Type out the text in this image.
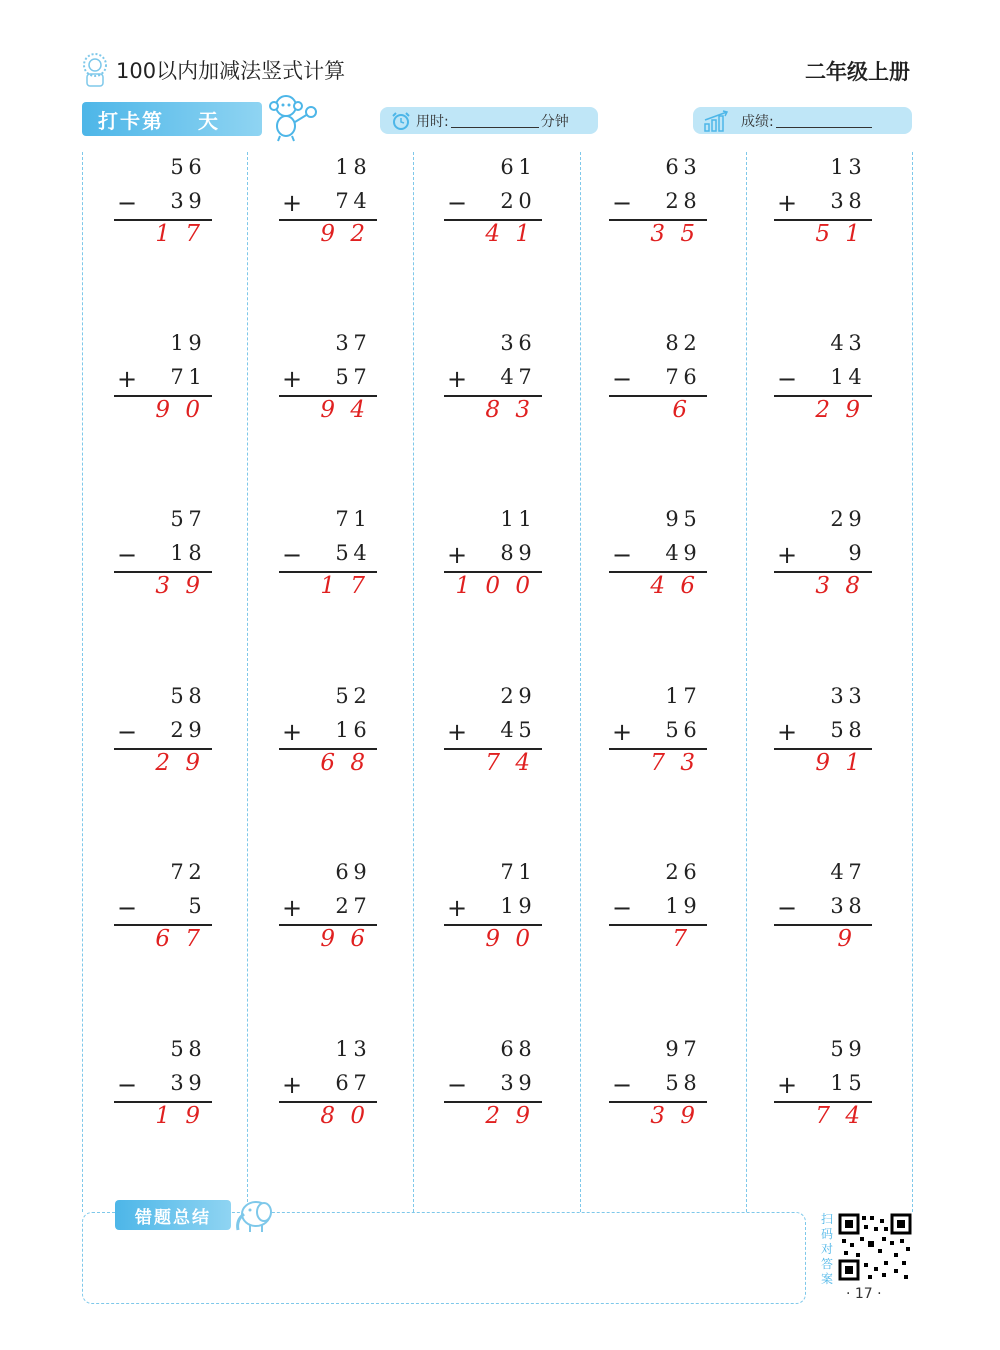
100以内加减法竖式计算	二年级上册
打卡第 天	用时:	分钟	成绩:
5 6
− 3 9
1 7
1 8
+ 7 4
9 2
6 1
− 2 0
4 1
6 3
− 2 8
3 5
1 3
+ 3 8
5 1
1 9
+ 7 1
9 0
3 7
+ 5 7
9 4
3 6
+ 4 7
8 3
8 2
− 7 6
6
4 3
− 1 4
2 9
5 7
− 1 8
3 9
7 1
− 5 4
1 7
1 1
+ 8 9
1 0 0
9 5
− 4 9
4 6
2 9
+ 9
3 8
5 8
− 2 9
2 9
5 2
+ 1 6
6 8
2 9
+ 4 5
7 4
1 7
+ 5 6
7 3
3 3
+ 5 8
9 1
7 2
− 5
6 7
6 9
+ 2 7
9 6
7 1
+ 1 9
9 0
2 6
− 1 9
7
4 7
− 3 8
9
5 8
− 3 9
1 9
1 3
+ 6 7
8 0
6 8
− 3 9
2 9
9 7
− 5 8
3 9
5 9
+ 1 5
7 4
错题总结	扫码对答案
· 17 ·
